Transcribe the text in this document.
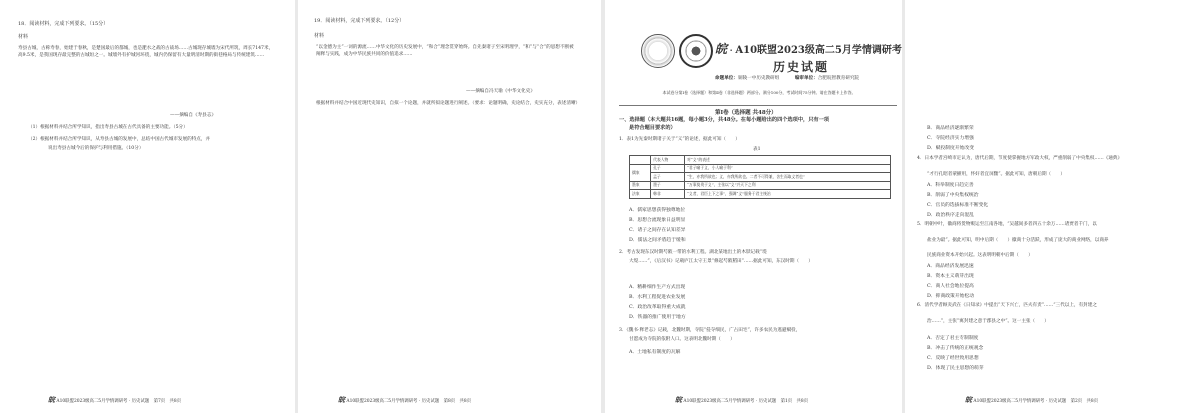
18．阅读材料，完成下列要求。（15分）
材料
寿县古城，古称寿春，始建于春秋，是楚国最后的都城，也是淝水之战的古战场……古城现存城墙为宋代所筑，周长7147米，高9.5米，是我国现存最完整的古城垣之一。城墙外有护城河环绕，城内仍保留有大量明清时期的街巷格局与传统建筑……
——摘编自《寿县志》
（1）根据材料并结合所学知识，指出寿县古城在古代具备的主要功能。（5分）
（2）根据材料并结合所学知识，从寿县古城的发展中，总结中国古代城市发展的特点，并
说出寿县古城今后的保护与利用措施。（10分）
皖 A10联盟2023级高二5月学情调研考 · 历史试题　第7页　共8页
19．阅读材料，完成下列要求。（12分）
材料
“以金德为主”一词的源流……中华文化的历史发展中，“和合”理念贯穿始终。自先秦诸子至宋明理学，“和”与“合”的思想不断被阐释与实践，成为中华民族共同的价值追求……
——摘编自冯天瑜《中华文化史》
根据材料并结合中国近现代史知识，自拟一个论题，并就所拟论题进行阐述。（要求：论题明确，史论结合，史实充分，表述清晰）
皖 A10联盟2023级高二5月学情调研考 · 历史试题　第8页　共8页
皖 · A10联盟2023级高二5月学情调研考
历史试题
命题单位：铜陵一中历史教研组	编审单位：合肥皖智教育研究院
本试卷分第Ⅰ卷（选择题）和第Ⅱ卷（非选择题）两部分。满分100分，考试时间75分钟。请在答题卡上作答。
第Ⅰ卷（选择题 共48分）
一、选择题（本大题共16题，每小题3分，共48分。在每小题给出的四个选项中，只有一项
是符合题目要求的）
1．表1为先秦时期诸子关于“义”的论述，据此可知（　　）
表1
	代表人物	对“义”的表述
儒家	孔子	“君子喻于义，小人喻于利”
	孟子	“生，亦我所欲也；义，亦我所欲也。二者不可得兼，舍生而取义者也”
墨家	墨子	“万事莫贵于义”，主张以“义”兴天下之利
法家	韩非	“义者，君臣上下之事”，强调“义”服务于君主统治
A．儒家思想获得独尊地位
B．思想合流现象日益明显
C．诸子之间存在认知差异
D．儒法之间矛盾趋于缓和
2．考古发现东汉时期芍陂一带的水利工程。湖北某地出土的木牍记载“堤
大堤……”，《后汉书》记载庐江太守王景“修起芍陂稻田”……据此可知，东汉时期（　　）
A．精耕细作生产方式出现
B．水利工程促进农业发展
C．政治改革取得重大成就
D．铁器的推广使用于地方
3．《魏书·释老志》记载，北魏时期，寺院“侵夺细民，广占田宅”，许多农民为逃避赋役，
甘愿成为寺院的依附人口。这表明北魏时期（　　）
A．土地私有制度的瓦解
皖 A10联盟2023级高二5月学情调研考 · 历史试题　第1页　共8页
B．商品经济逐渐繁荣
C．寺院经济实力增强
D．赋役制度开始改变
4．日本学者宫崎市定认为，唐代后期，节度使掌握地方军政大权，严重削弱了中央集权……《通典》
“才行孔昭者蒙擢用，怀奸者宜屏黜”。据此可知，唐朝后期（　　）
A．科举制度日趋完善
B．削弱了中央集权统治
C．官员的选拔标准不断变化
D．政治秩序走向混乱
5．明朝中叶，徽商将货物贩运至江南各地，“吴越间多者四五十余万……诸贾者千门，以
盐业为最”。据此可知，明中后期（　　）徽商十分活跃，形成了庞大的商业网络，以商养
民族商业资本开始兴起。这表明明朝中后期（　　）
A．商品经济发展迅速
B．资本主义萌芽出现
C．商人社会地位提高
D．抑商政策开始松动
6．清代学者顾炎武在《日知录》中提出“天下兴亡，匹夫有责”……“三代以上，有封建之
治……”，主张“寓封建之意于郡县之中”。这一主张（　　）
A．否定了君主专制制度
B．冲击了传统的正统观念
C．反映了经世致用思想
D．体现了民主思想的萌芽
皖 A10联盟2023级高二5月学情调研考 · 历史试题　第2页　共8页
